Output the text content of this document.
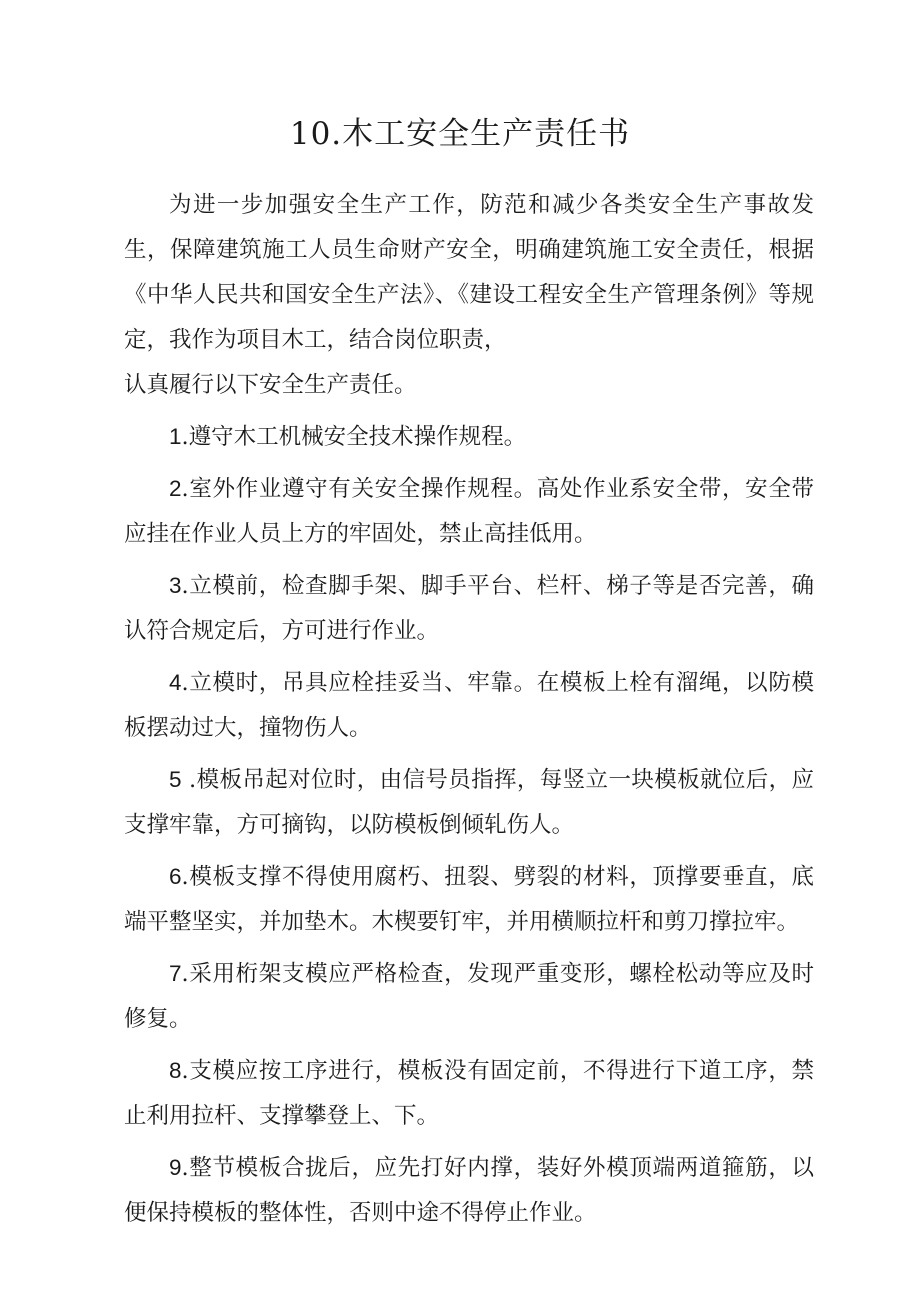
10.木工安全生产责任书

为进一步加强安全生产工作，防范和减少各类安全生产事故发生，保障建筑施工人员生命财产安全，明确建筑施工安全责任，根据《中华人民共和国安全生产法》、《建设工程安全生产管理条例》等规定，我作为项目木工，结合岗位职责，

认真履行以下安全生产责任。

1.遵守木工机械安全技术操作规程。

2.室外作业遵守有关安全操作规程。高处作业系安全带，安全带应挂在作业人员上方的牢固处，禁止高挂低用。

3.立模前，检查脚手架、脚手平台、栏杆、梯子等是否完善，确认符合规定后，方可进行作业。

4.立模时，吊具应栓挂妥当、牢靠。在模板上栓有溜绳，以防模板摆动过大，撞物伤人。

5 .模板吊起对位时，由信号员指挥，每竖立一块模板就位后，应支撑牢靠，方可摘钩，以防模板倒倾轧伤人。

6.模板支撑不得使用腐朽、扭裂、劈裂的材料，顶撑要垂直，底端平整坚实，并加垫木。木楔要钉牢，并用横顺拉杆和剪刀撑拉牢。

7.采用桁架支模应严格检查，发现严重变形，螺栓松动等应及时修复。

8.支模应按工序进行，模板没有固定前，不得进行下道工序，禁止利用拉杆、支撑攀登上、下。

9.整节模板合拢后，应先打好内撑，装好外模顶端两道箍筋，以便保持模板的整体性，否则中途不得停止作业。
